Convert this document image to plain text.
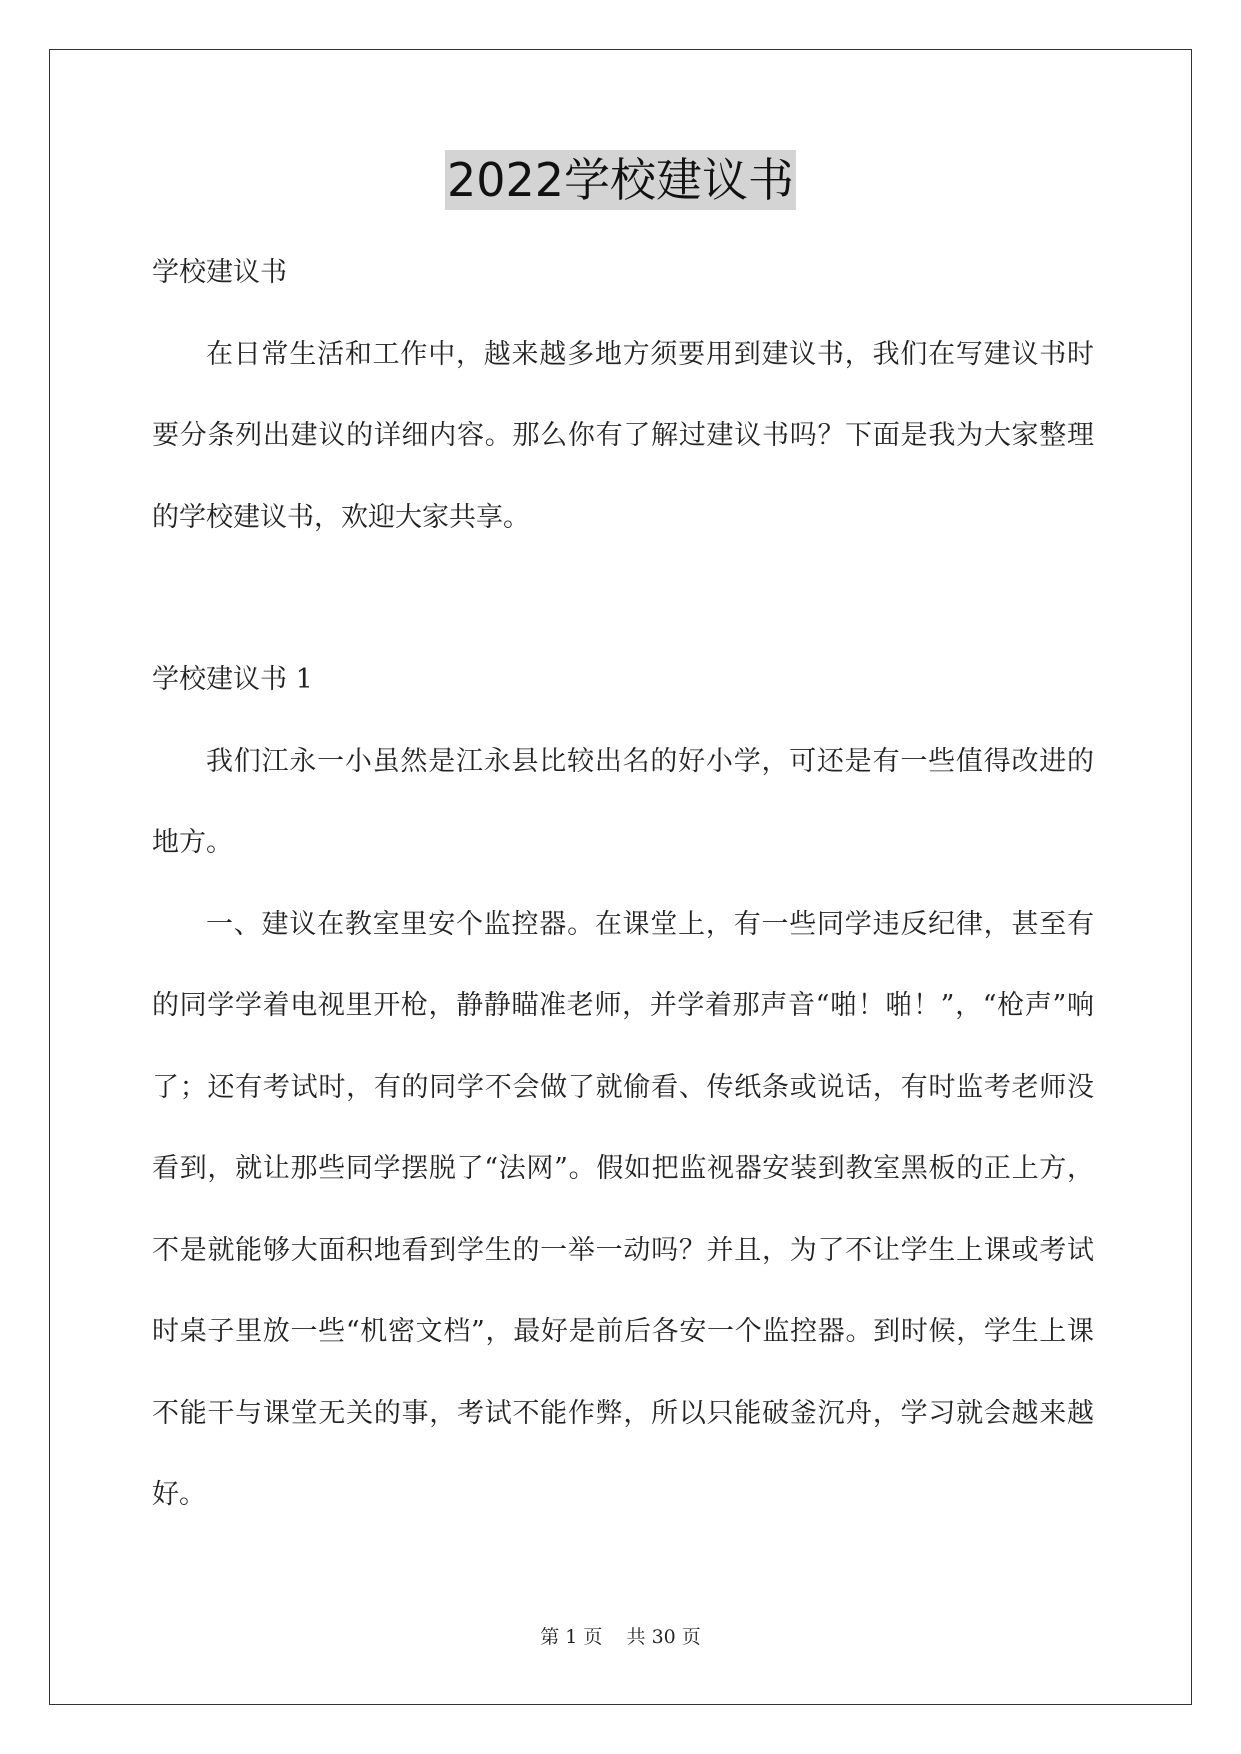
2022学校建议书

学校建议书

在日常生活和工作中，越来越多地方须要用到建议书，我们在写建议书时要分条列出建议的详细内容。那么你有了解过建议书吗？下面是我为大家整理的学校建议书，欢迎大家共享。

学校建议书 1

我们江永一小虽然是江永县比较出名的好小学，可还是有一些值得改进的地方。

一、建议在教室里安个监控器。在课堂上，有一些同学违反纪律，甚至有的同学学着电视里开枪，静静瞄准老师，并学着那声音“啪！啪！”，“枪声”响了；还有考试时，有的同学不会做了就偷看、传纸条或说话，有时监考老师没看到，就让那些同学摆脱了“法网”。假如把监视器安装到教室黑板的正上方，不是就能够大面积地看到学生的一举一动吗？并且，为了不让学生上课或考试时桌子里放一些“机密文档”，最好是前后各安一个监控器。到时候，学生上课不能干与课堂无关的事，考试不能作弊，所以只能破釜沉舟，学习就会越来越好。

第 1 页    共 30 页
